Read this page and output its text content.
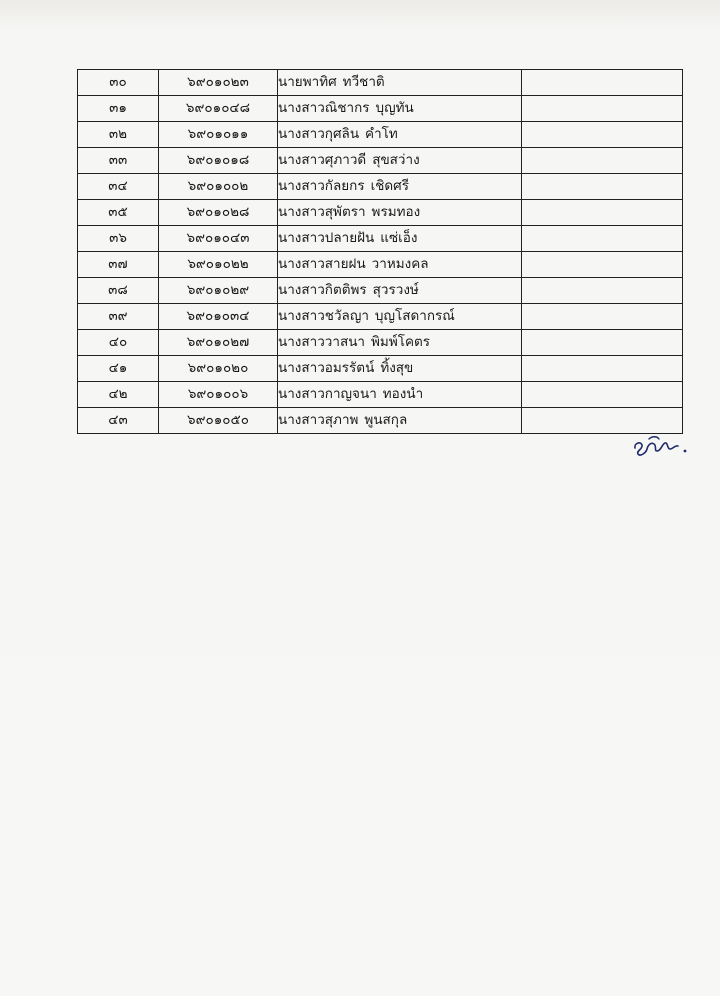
๓๐	๖๙๐๑๐๒๓	นายพาทิศ ทวีชาติ	
๓๑	๖๙๐๑๐๔๘	นางสาวณิชากร บุญทัน	
๓๒	๖๙๐๑๐๑๑	นางสาวกุศลิน คำโท	
๓๓	๖๙๐๑๐๑๘	นางสาวศุภาวดี สุขสว่าง	
๓๔	๖๙๐๑๐๐๒	นางสาวกัลยกร เชิดศรี	
๓๕	๖๙๐๑๐๒๘	นางสาวสุพัตรา พรมทอง	
๓๖	๖๙๐๑๐๔๓	นางสาวปลายฝัน แซ่เอ็ง	
๓๗	๖๙๐๑๐๒๒	นางสาวสายฝน วาหมงคล	
๓๘	๖๙๐๑๐๒๙	นางสาวกิตติพร สุวรวงษ์	
๓๙	๖๙๐๑๐๓๔	นางสาวชวัลญา บุญโสดากรณ์	
๔๐	๖๙๐๑๐๒๗	นางสาววาสนา พิมพ์โคตร	
๔๑	๖๙๐๑๐๒๐	นางสาวอมรรัตน์ ทิ้งสุข	
๔๒	๖๙๐๑๐๐๖	นางสาวกาญจนา ทองนำ	
๔๓	๖๙๐๑๐๕๐	นางสาวสุภาพ พูนสกุล	
